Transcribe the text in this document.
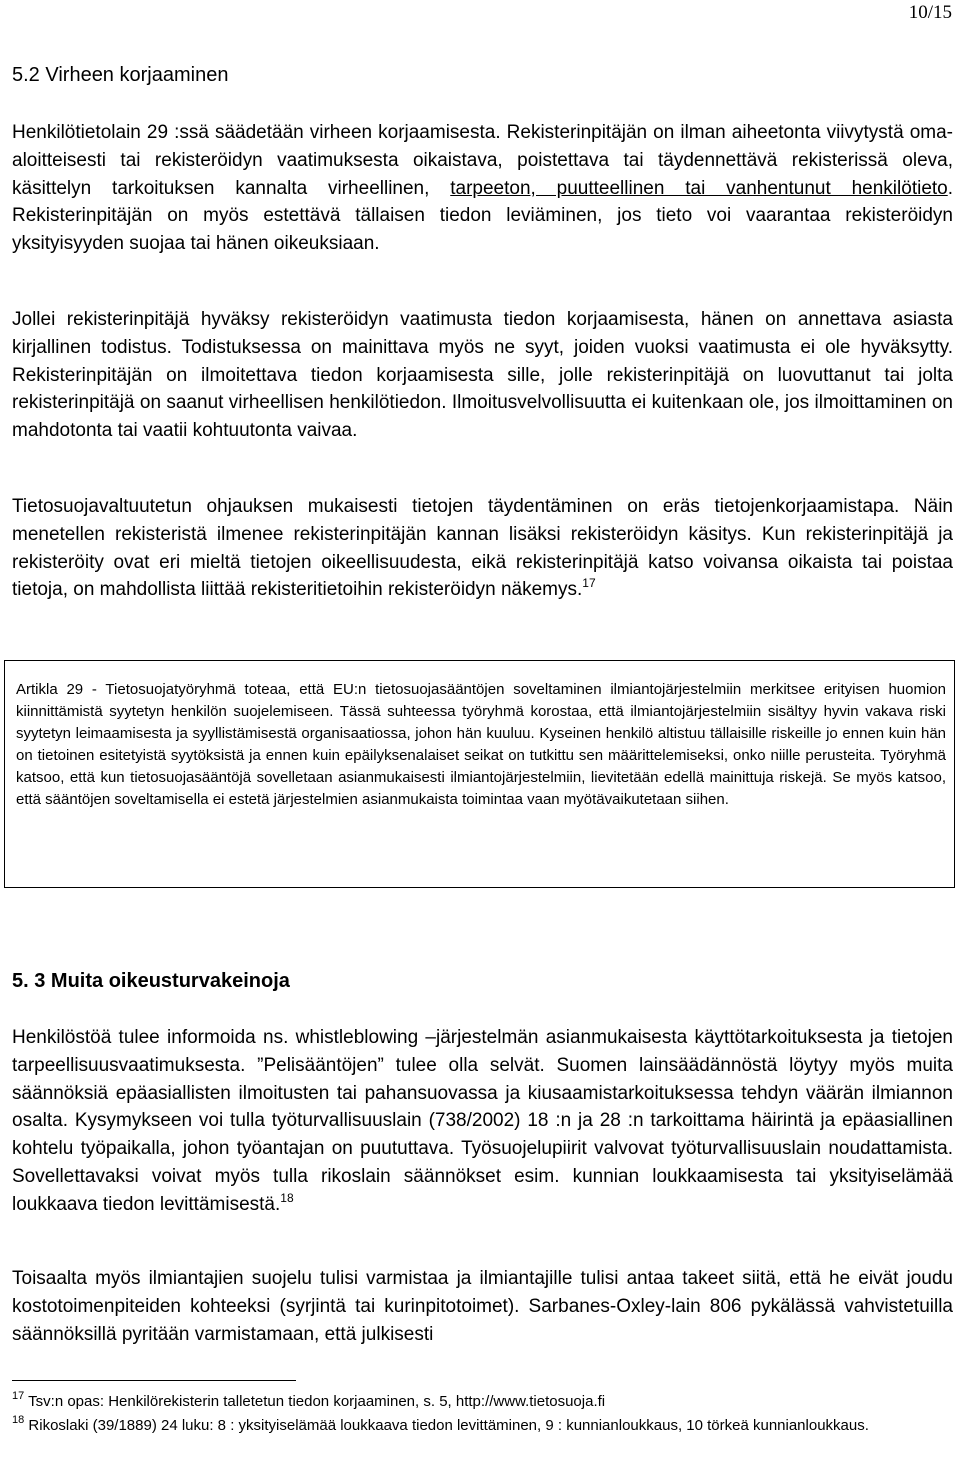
10/15
5.2 Virheen korjaaminen

Henkilötietolain 29 :ssä säädetään virheen korjaamisesta. Rekisterinpitäjän on ilman aiheetonta viivytystä oma-aloitteisesti tai rekisteröidyn vaatimuksesta oikaistava, poistettava tai täydennettävä rekisterissä oleva, käsittelyn tarkoituksen kannalta virheellinen, tarpeeton, puutteellinen tai vanhentunut henkilötieto. Rekisterinpitäjän on myös estettävä tällaisen tiedon leviäminen, jos tieto voi vaarantaa rekisteröidyn yksityisyyden suojaa tai hänen oikeuksiaan.

Jollei rekisterinpitäjä hyväksy rekisteröidyn vaatimusta tiedon korjaamisesta, hänen on annettava asiasta kirjallinen todistus. Todistuksessa on mainittava myös ne syyt, joiden vuoksi vaatimusta ei ole hyväksytty. Rekisterinpitäjän on ilmoitettava tiedon korjaamisesta sille, jolle rekisterinpitäjä on luovuttanut tai jolta rekisterinpitäjä on saanut virheellisen henkilötiedon. Ilmoitusvelvollisuutta ei kuitenkaan ole, jos ilmoittaminen on mahdotonta tai vaatii kohtuutonta vaivaa.

Tietosuojavaltuutetun ohjauksen mukaisesti tietojen täydentäminen on eräs tietojenkorjaamistapa. Näin menetellen rekisteristä ilmenee rekisterinpitäjän kannan lisäksi rekisteröidyn käsitys. Kun rekisterinpitäjä ja rekisteröity ovat eri mieltä tietojen oikeellisuudesta, eikä rekisterinpitäjä katso voivansa oikaista tai poistaa tietoja, on mahdollista liittää rekisteritietoihin rekisteröidyn näkemys.$^{17}$

Artikla 29 - Tietosuojatyöryhmä toteaa, että EU:n tietosuojasääntöjen soveltaminen ilmiantojärjestelmiin merkitsee erityisen huomion kiinnittämistä syytetyn henkilön suojelemiseen. Tässä suhteessa työryhmä korostaa, että ilmiantojärjestelmiin sisältyy hyvin vakava riski syytetyn leimaamisesta ja syyllistämisestä organisaatiossa, johon hän kuuluu. Kyseinen henkilö altistuu tällaisille riskeille jo ennen kuin hän on tietoinen esitetyistä syytöksistä ja ennen kuin epäilyksenalaiset seikat on tutkittu sen määrittelemiseksi, onko niille perusteita. Työryhmä katsoo, että kun tietosuojasääntöjä sovelletaan asianmukaisesti ilmiantojärjestelmiin, lievitetään edellä mainittuja riskejä. Se myös katsoo, että sääntöjen soveltamisella ei estetä järjestelmien asianmukaista toimintaa vaan myötävaikutetaan siihen.

5. 3 Muita oikeusturvakeinoja

Henkilöstöä tulee informoida ns. whistleblowing –järjestelmän asianmukaisesta käyttötarkoituksesta ja tietojen tarpeellisuusvaatimuksesta. ”Pelisääntöjen” tulee olla selvät. Suomen lainsäädännöstä löytyy myös muita säännöksiä epäasiallisten ilmoitusten tai pahansuovassa ja kiusaamistarkoituksessa tehdyn väärän ilmiannon osalta. Kysymykseen voi tulla työturvallisuuslain (738/2002) 18 :n ja 28 :n tarkoittama häirintä ja epäasiallinen kohtelu työpaikalla, johon työantajan on puututtava. Työsuojelupiirit valvovat työturvallisuuslain noudattamista. Sovellettavaksi voivat myös tulla rikoslain säännökset esim. kunnian loukkaamisesta tai yksityiselämää loukkaava tiedon levittämisestä.$^{18}$

Toisaalta myös ilmiantajien suojelu tulisi varmistaa ja ilmiantajille tulisi antaa takeet siitä, että he eivät joudu kostotoimenpiteiden kohteeksi (syrjintä tai kurinpitotoimet). Sarbanes-Oxley-lain 806 pykälässä vahvistetuilla säännöksillä pyritään varmistamaan, että julkisesti

$^{17}$ Tsv:n opas: Henkilörekisterin talletetun tiedon korjaaminen, s. 5, http://www.tietosuoja.fi

$^{18}$ Rikoslaki (39/1889) 24 luku: 8 : yksityiselämää loukkaava tiedon levittäminen, 9 : kunnianloukkaus, 10 törkeä kunnianloukkaus.
